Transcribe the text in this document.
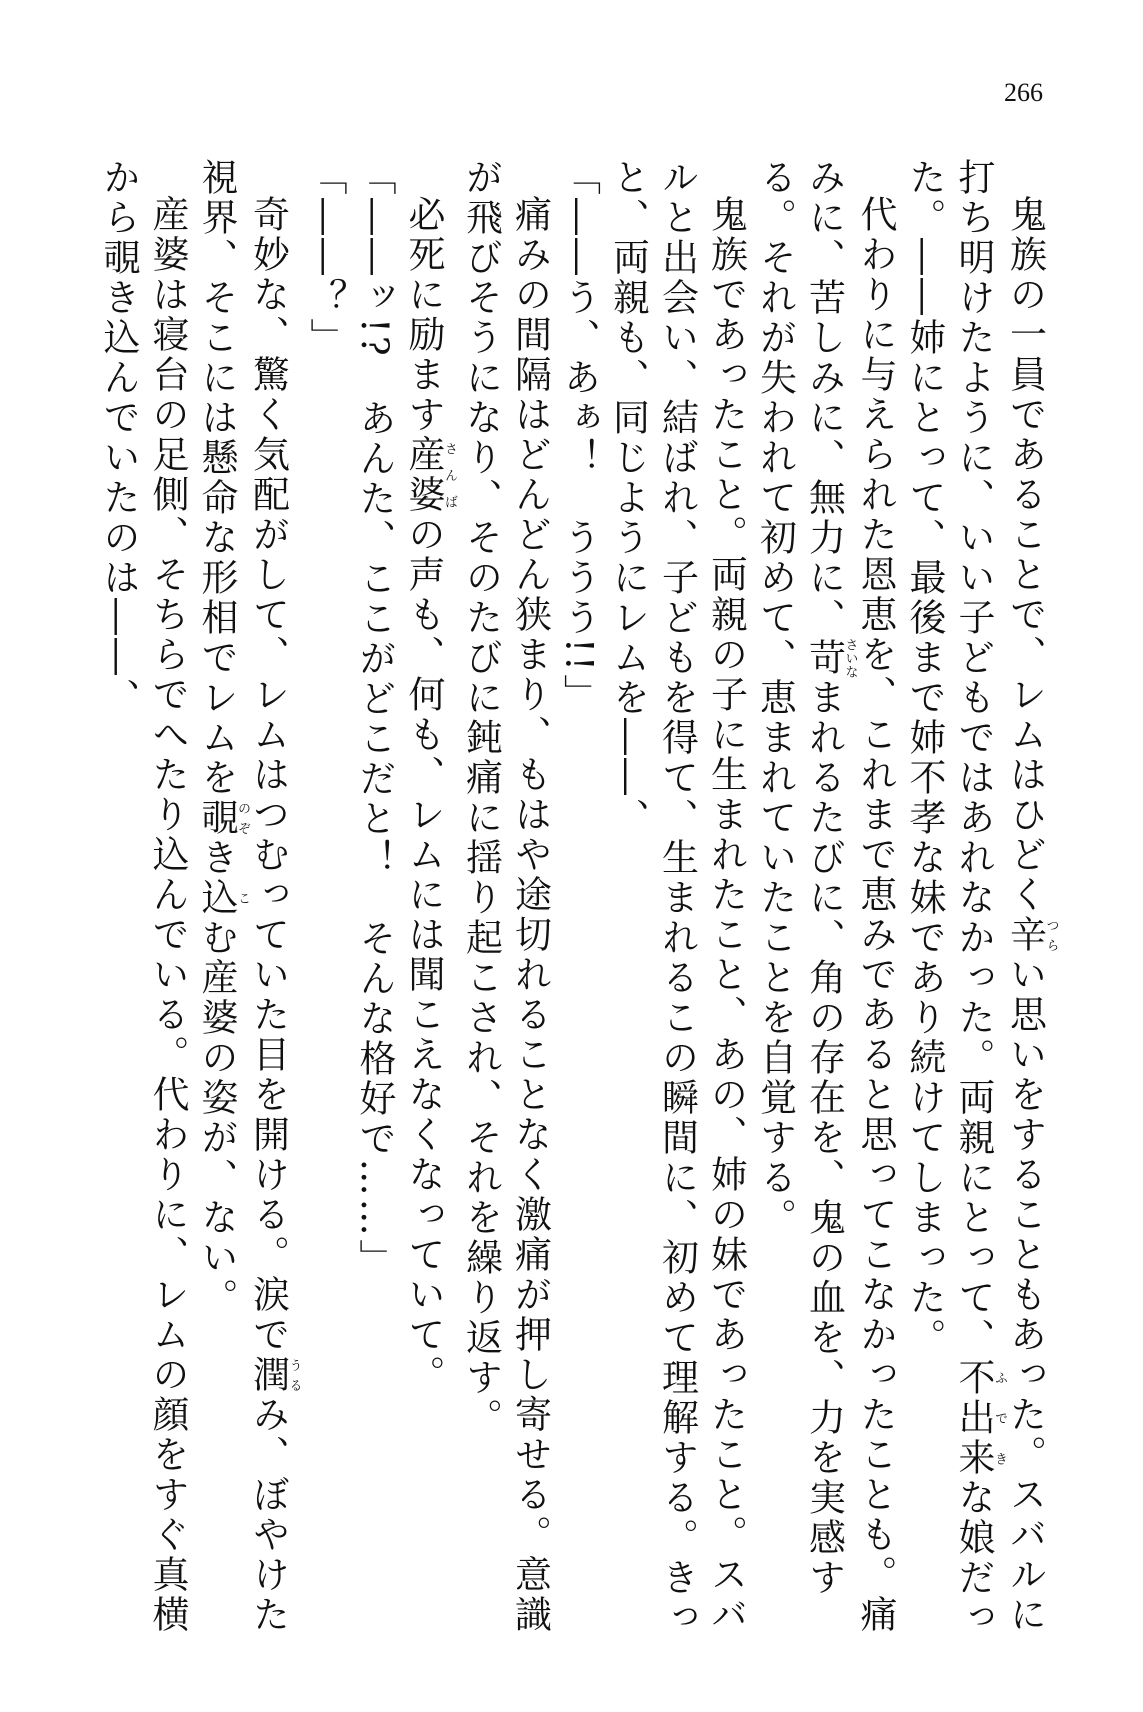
266

鬼族の一員であることで、レムはひどく辛つらい思いをすることもあった。スバルに打ち明けたように、いい子どもではあれなかった。両親にとって、不出来ふできな娘だった。――姉にとって、最後まで姉不孝な妹であり続けてしまった。

代わりに与えられた恩恵を、これまで恵みであると思ってこなかったことも。痛みに、苦しみに、無力に、苛さいなまれるたびに、角の存在を、鬼の血を、力を実感する。それが失われて初めて、恵まれていたことを自覚する。

鬼族であったこと。両親の子に生まれたこと、あの、姉の妹であったこと。スバルと出会い、結ばれ、子どもを得て、生まれるこの瞬間に、初めて理解する。きっと、両親も、同じようにレムを――、

「――う、あぁ！　ううう!!」

痛みの間隔はどんどん狭まり、もはや途切れることなく激痛が押し寄せる。意識が飛びそうになり、そのたびに鈍痛に揺り起こされ、それを繰り返す。

必死に励ます産婆さんばの声も、何も、レムには聞こえなくなっていて。

「――ッ!?　あんた、ここがどこだと！　そんな格好で……」

「――？」

奇妙な、驚く気配がして、レムはつむっていた目を開ける。涙で潤うるみ、ぼやけた視界、そこには懸命な形相でレムを覗のぞき込こむ産婆の姿が、ない。

産婆は寝台の足側、そちらでへたり込んでいる。代わりに、レムの顔をすぐ真横から覗き込んでいたのは――、
